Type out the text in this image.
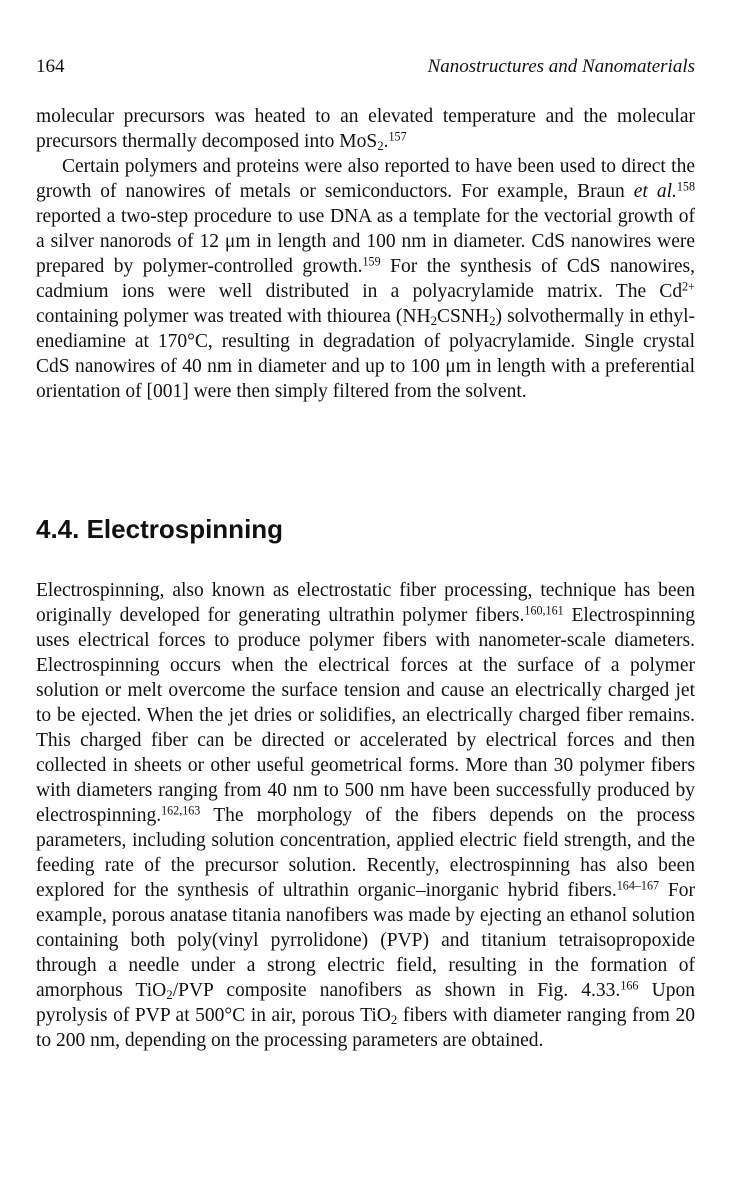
164	Nanostructures and Nanomaterials

molecular precursors was heated to an elevated temperature and the molecular precursors thermally decomposed into MoS$_2$.$^{157}$

Certain polymers and proteins were also reported to have been used to direct the growth of nanowires of metals or semiconductors. For example, Braun et al.$^{158}$ reported a two-step procedure to use DNA as a template for the vectorial growth of a silver nanorods of 12 μm in length and 100 nm in diameter. CdS nanowires were prepared by polymer-controlled growth.$^{159}$ For the synthesis of CdS nanowires, cadmium ions were well distributed in a polyacrylamide matrix. The $Cd^{2+}$ containing polymer was treated with thiourea $(NH_2CSNH_2)$ solvothermally in ethylenediamine at 170°C, resulting in degradation of polyacrylamide. Single crystal CdS nanowires of 40 nm in diameter and up to 100 μm in length with a preferential orientation of [001] were then simply filtered from the solvent.

4.4. Electrospinning

Electrospinning, also known as electrostatic fiber processing, technique has been originally developed for generating ultrathin polymer fibers.$^{160,161}$ Electrospinning uses electrical forces to produce polymer fibers with nanometer-scale diameters. Electrospinning occurs when the electrical forces at the surface of a polymer solution or melt overcome the surface tension and cause an electrically charged jet to be ejected. When the jet dries or solidifies, an electrically charged fiber remains. This charged fiber can be directed or accelerated by electrical forces and then collected in sheets or other useful geometrical forms. More than 30 polymer fibers with diameters ranging from 40 nm to 500 nm have been successfully produced by electrospinning.$^{162,163}$ The morphology of the fibers depends on the process parameters, including solution concentration, applied electric field strength, and the feeding rate of the precursor solution. Recently, electrospinning has also been explored for the synthesis of ultrathin organic–inorganic hybrid fibers.$^{164-167}$ For example, porous anatase titania nanofibers was made by ejecting an ethanol solution containing both poly(vinyl pyrrolidone) (PVP) and titanium tetraisopropoxide through a needle under a strong electric field, resulting in the formation of amorphous TiO$_2$/PVP composite nanofibers as shown in Fig. 4.33.$^{166}$ Upon pyrolysis of PVP at 500°C in air, porous TiO$_2$ fibers with diameter ranging from 20 to 200 nm, depending on the processing parameters are obtained.
